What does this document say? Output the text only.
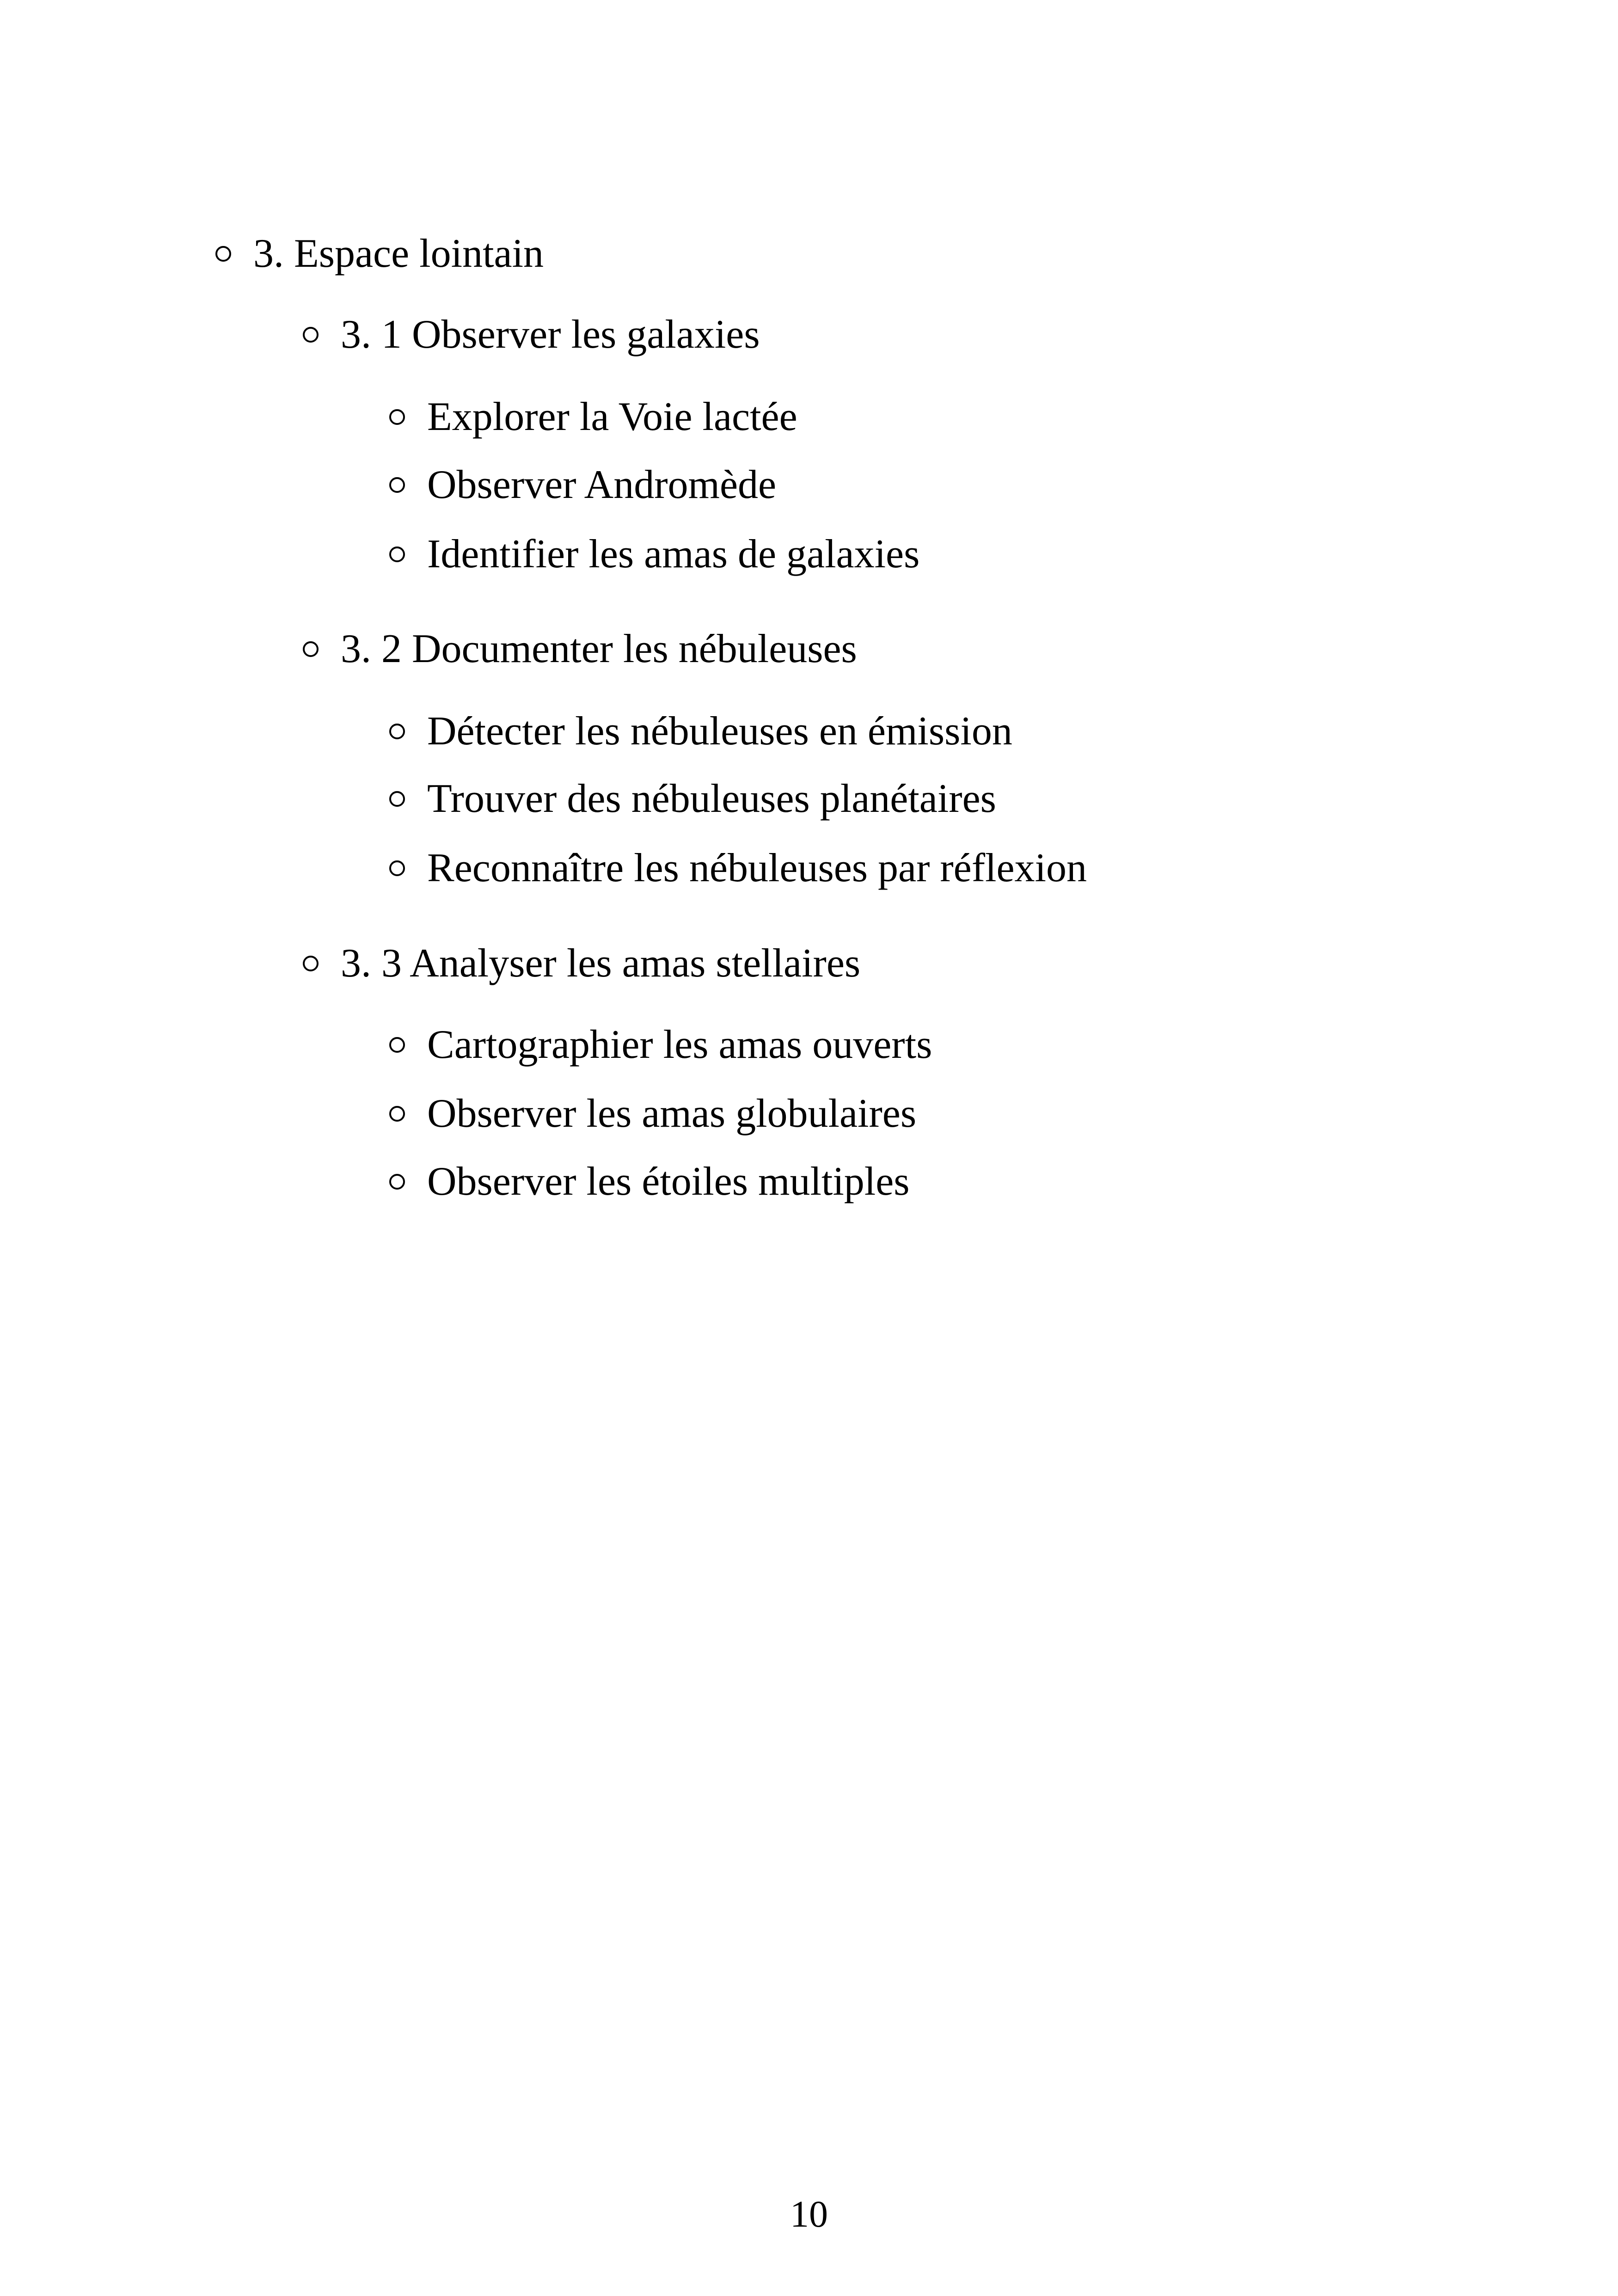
3. Espace lointain
3. 1 Observer les galaxies
Explorer la Voie lactée
Observer Andromède
Identifier les amas de galaxies
3. 2 Documenter les nébuleuses
Détecter les nébuleuses en émission
Trouver des nébuleuses planétaires
Reconnaître les nébuleuses par réflexion
3. 3 Analyser les amas stellaires
Cartographier les amas ouverts
Observer les amas globulaires
Observer les étoiles multiples
10
